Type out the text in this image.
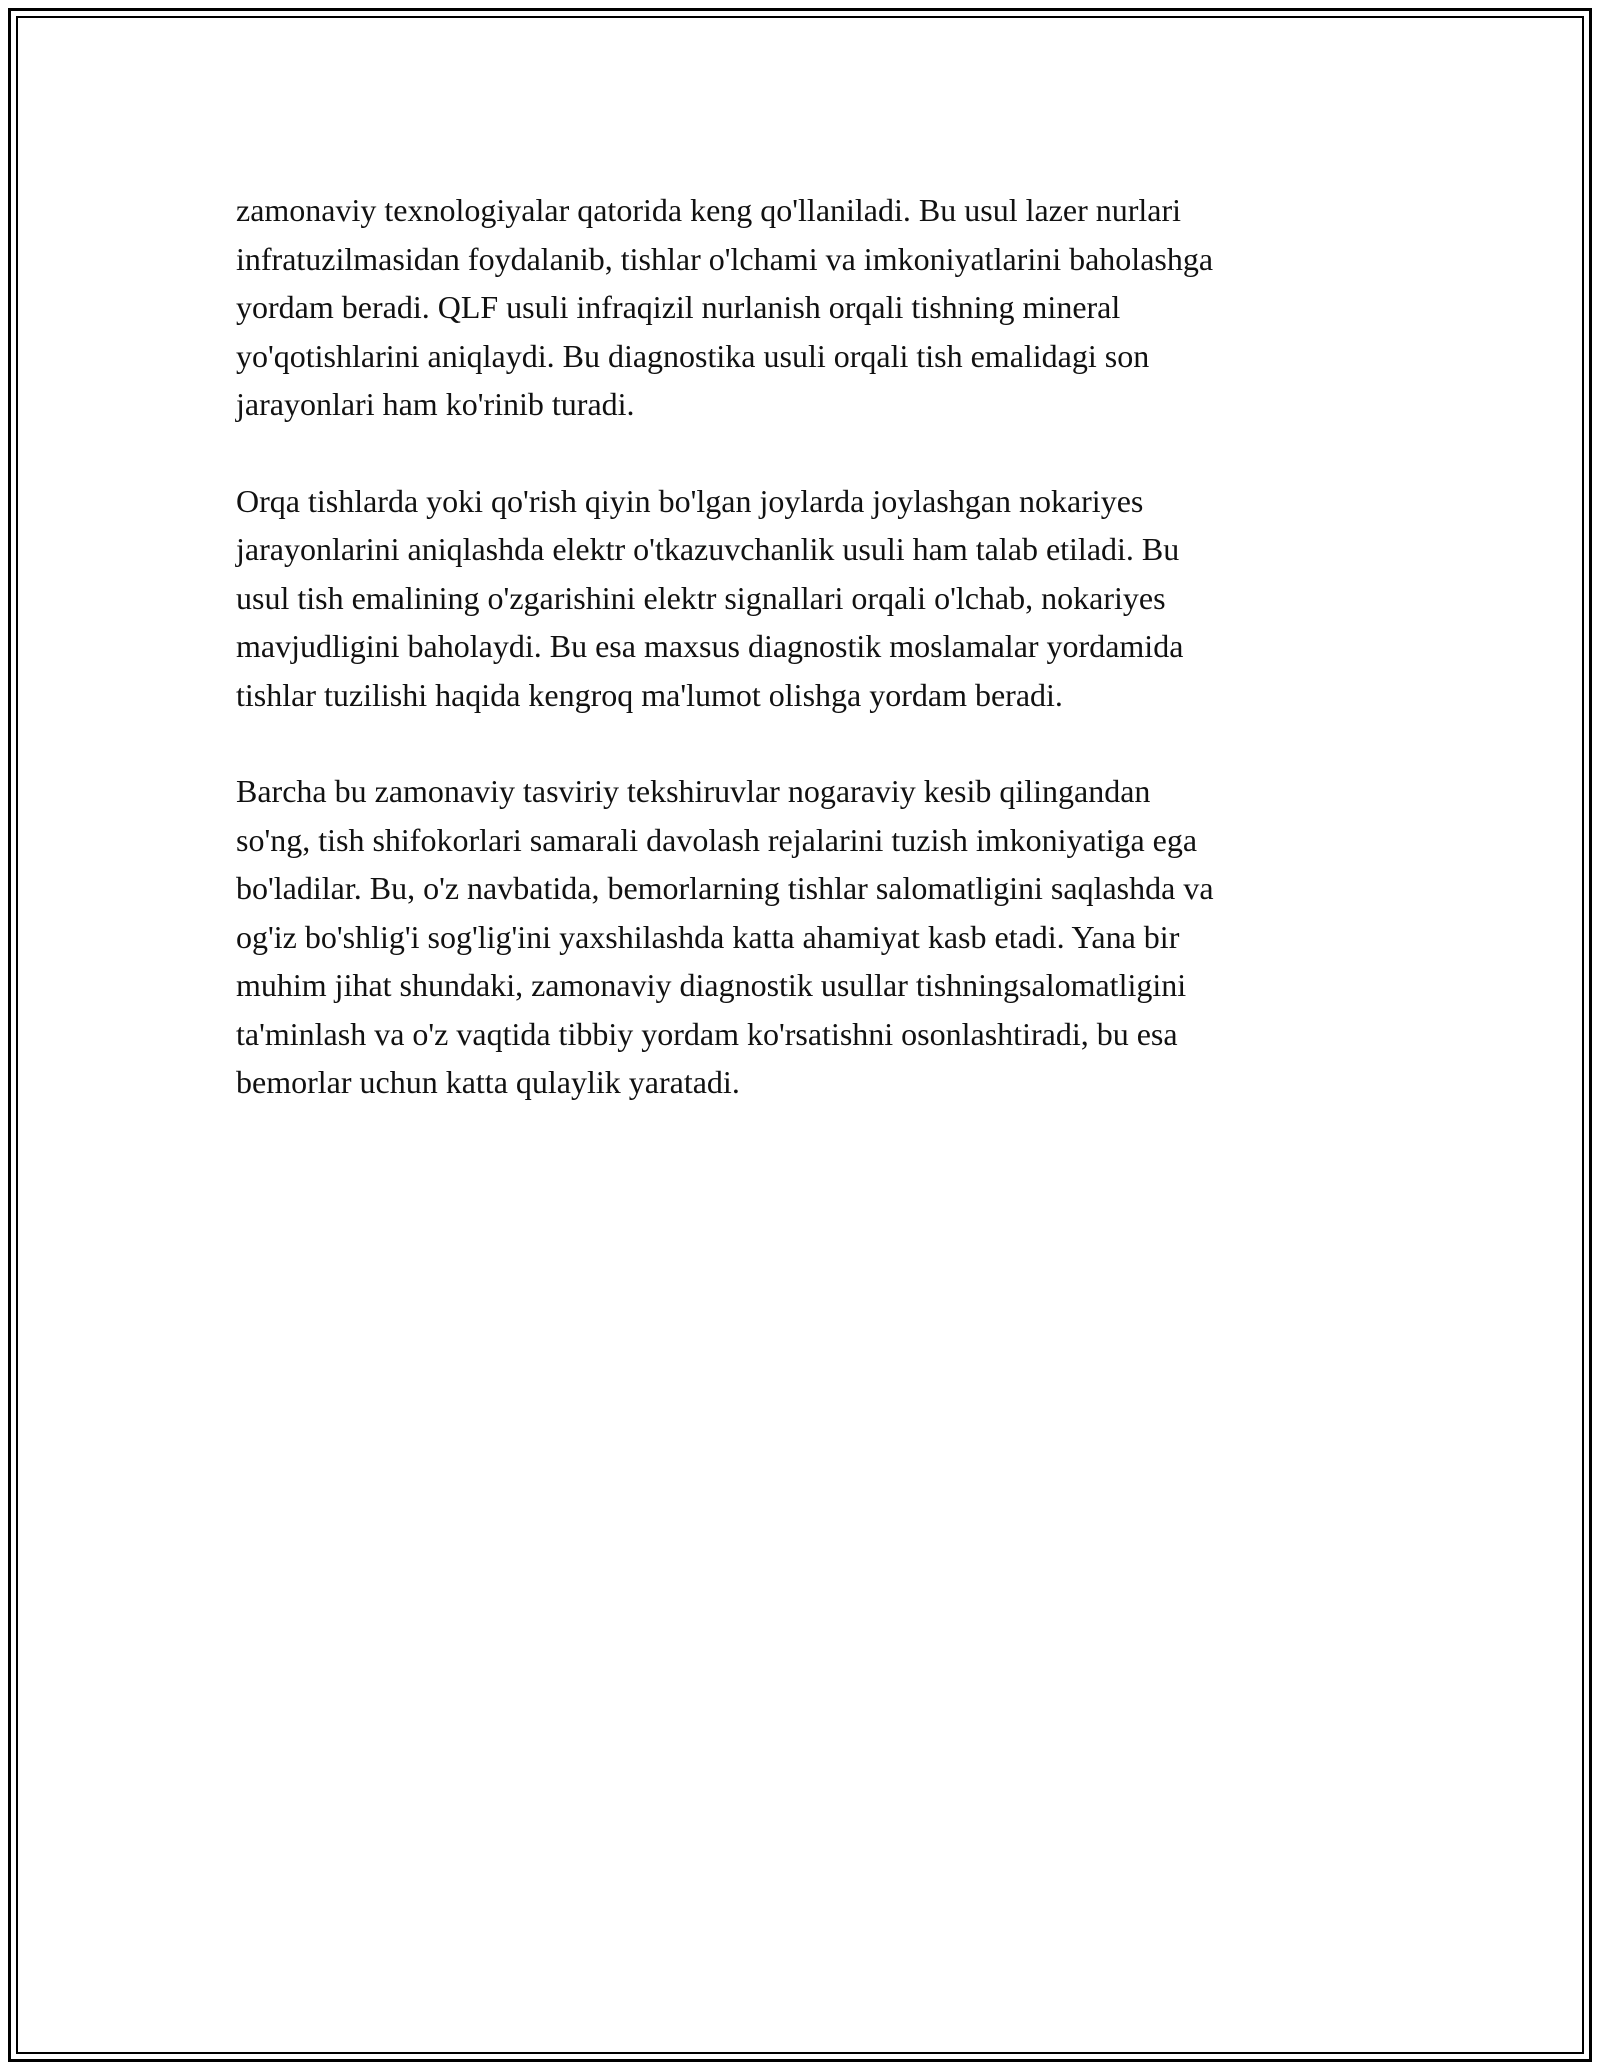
zamonaviy texnologiyalar qatorida keng qo'llaniladi. Bu usul lazer nurlari
infratuzilmasidan foydalanib, tishlar o'lchami va imkoniyatlarini baholashga
yordam beradi. QLF usuli infraqizil nurlanish orqali tishning mineral
yo'qotishlarini aniqlaydi. Bu diagnostika usuli orqali tish emalidagi son
jarayonlari ham ko'rinib turadi.

Orqa tishlarda yoki qo'rish qiyin bo'lgan joylarda joylashgan nokariyes
jarayonlarini aniqlashda elektr o'tkazuvchanlik usuli ham talab etiladi. Bu
usul tish emalining o'zgarishini elektr signallari orqali o'lchab, nokariyes
mavjudligini baholaydi. Bu esa maxsus diagnostik moslamalar yordamida
tishlar tuzilishi haqida kengroq ma'lumot olishga yordam beradi.

Barcha bu zamonaviy tasviriy tekshiruvlar nogaraviy kesib qilingandan
so'ng, tish shifokorlari samarali davolash rejalarini tuzish imkoniyatiga ega
bo'ladilar. Bu, o'z navbatida, bemorlarning tishlar salomatligini saqlashda va
og'iz bo'shlig'i sog'lig'ini yaxshilashda katta ahamiyat kasb etadi. Yana bir
muhim jihat shundaki, zamonaviy diagnostik usullar tishningsalomatligini
ta'minlash va o'z vaqtida tibbiy yordam ko'rsatishni osonlashtiradi, bu esa
bemorlar uchun katta qulaylik yaratadi.
